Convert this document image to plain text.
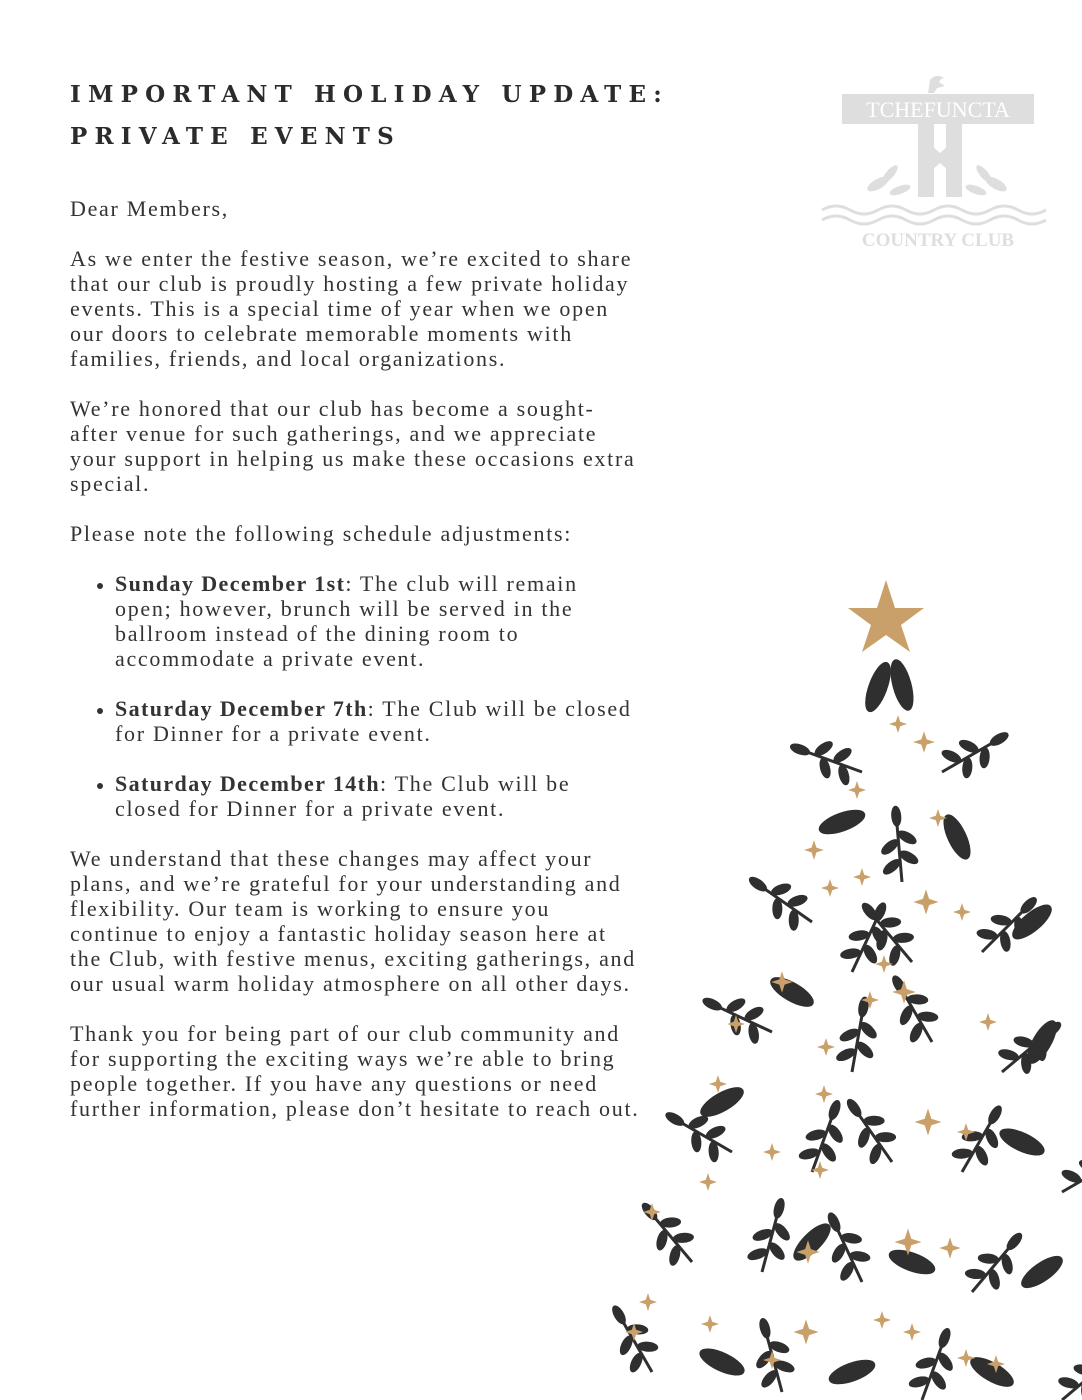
IMPORTANT HOLIDAY UPDATE:
PRIVATE EVENTS
TCHEFUNCTA
COUNTRY CLUB

Dear Members,

As we enter the festive season, we’re excited to share that our club is proudly hosting a few private holiday events. This is a special time of year when we open our doors to celebrate memorable moments with families, friends, and local organizations.

We’re honored that our club has become a sought-after venue for such gatherings, and we appreciate your support in helping us make these occasions extra special.

Please note the following schedule adjustments:

• Sunday December 1st: The club will remain open; however, brunch will be served in the ballroom instead of the dining room to accommodate a private event.
• Saturday December 7th: The Club will be closed for Dinner for a private event.
• Saturday December 14th: The Club will be closed for Dinner for a private event.

We understand that these changes may affect your plans, and we’re grateful for your understanding and flexibility. Our team is working to ensure you continue to enjoy a fantastic holiday season here at the Club, with festive menus, exciting gatherings, and our usual warm holiday atmosphere on all other days.

Thank you for being part of our club community and for supporting the exciting ways we’re able to bring people together. If you have any questions or need further information, please don’t hesitate to reach out.
